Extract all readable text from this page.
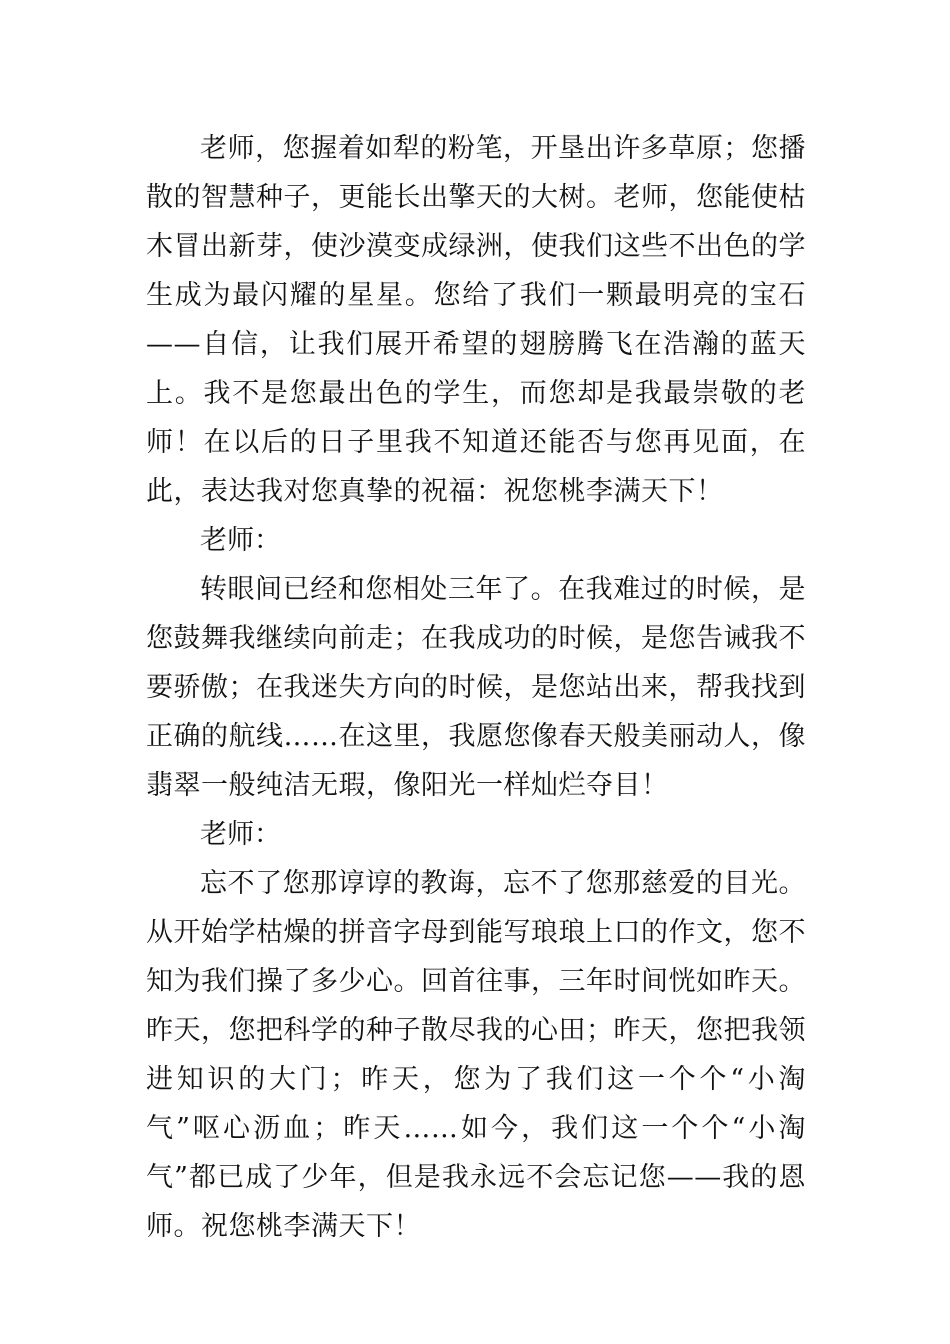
老师，您握着如犁的粉笔，开垦出许多草原；您播散的智慧种子，更能长出擎天的大树。老师，您能使枯木冒出新芽，使沙漠变成绿洲，使我们这些不出色的学生成为最闪耀的星星。您给了我们一颗最明亮的宝石——自信，让我们展开希望的翅膀腾飞在浩瀚的蓝天上。我不是您最出色的学生，而您却是我最崇敬的老师！在以后的日子里我不知道还能否与您再见面，在此，表达我对您真挚的祝福：祝您桃李满天下！

老师：

转眼间已经和您相处三年了。在我难过的时候，是您鼓舞我继续向前走；在我成功的时候，是您告诫我不要骄傲；在我迷失方向的时候，是您站出来，帮我找到正确的航线……在这里，我愿您像春天般美丽动人，像翡翠一般纯洁无瑕，像阳光一样灿烂夺目！

老师：

忘不了您那谆谆的教诲，忘不了您那慈爱的目光。从开始学枯燥的拼音字母到能写琅琅上口的作文，您不知为我们操了多少心。回首往事，三年时间恍如昨天。昨天，您把科学的种子散尽我的心田；昨天，您把我领进知识的大门；昨天，您为了我们这一个个“小淘气”呕心沥血；昨天……如今，我们这一个个“小淘气”都已成了少年，但是我永远不会忘记您——我的恩师。祝您桃李满天下！
